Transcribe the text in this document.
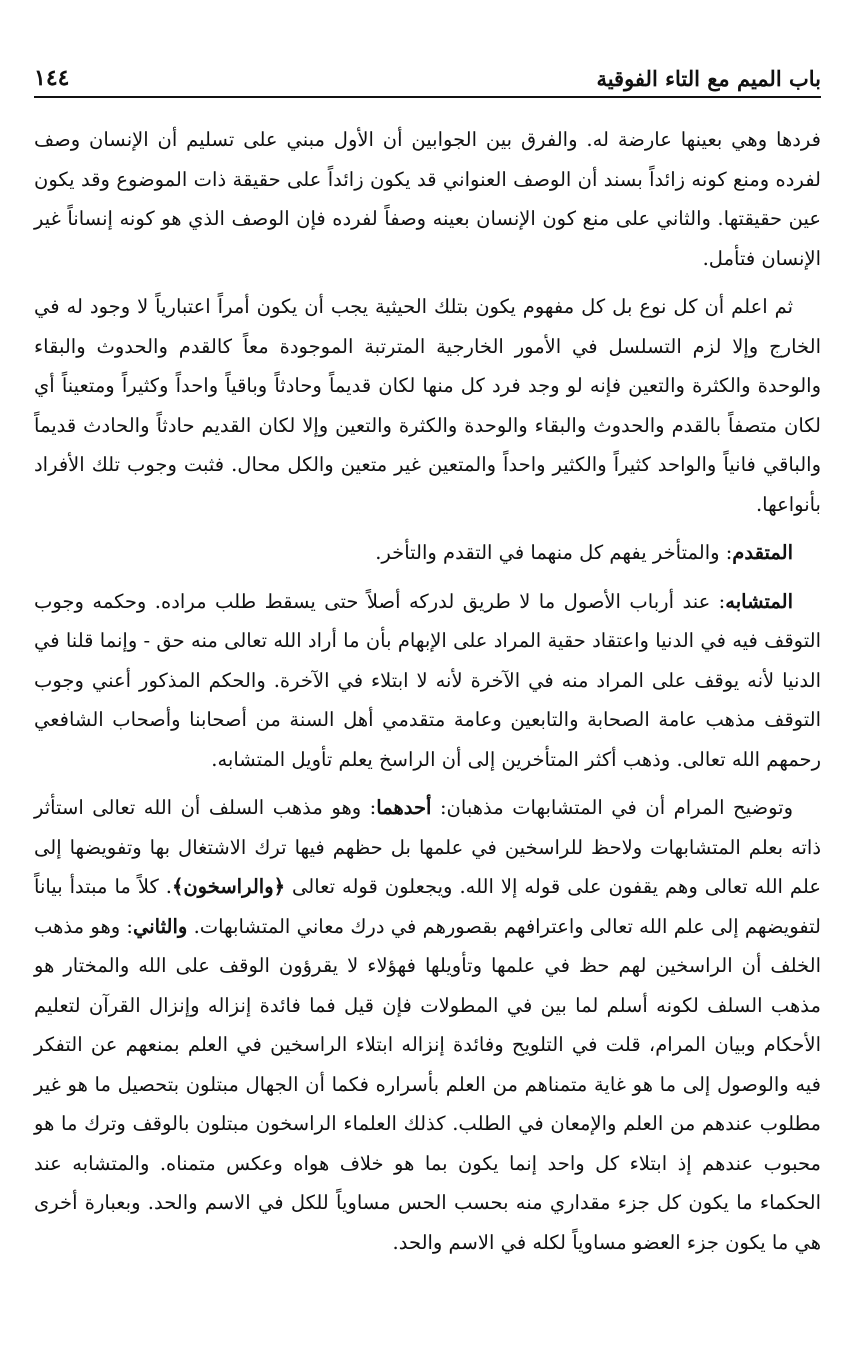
باب الميم مع التاء الفوقية
١٤٤

فردها وهي بعينها عارضة له. والفرق بين الجوابين أن الأول مبني على تسليم أن الإنسان وصف لفرده ومنع كونه زائداً بسند أن الوصف العنواني قد يكون زائداً على حقيقة ذات الموضوع وقد يكون عين حقيقتها. والثاني على منع كون الإنسان بعينه وصفاً لفرده فإن الوصف الذي هو كونه إنساناً غير الإنسان فتأمل.

ثم اعلم أن كل نوع بل كل مفهوم يكون بتلك الحيثية يجب أن يكون أمراً اعتبارياً لا وجود له في الخارج وإلا لزم التسلسل في الأمور الخارجية المترتبة الموجودة معاً كالقدم والحدوث والبقاء والوحدة والكثرة والتعين فإنه لو وجد فرد كل منها لكان قديماً وحادثاً وباقياً واحداً وكثيراً ومتعيناً أي لكان متصفاً بالقدم والحدوث والبقاء والوحدة والكثرة والتعين وإلا لكان القديم حادثاً والحادث قديماً والباقي فانياً والواحد كثيراً والكثير واحداً والمتعين غير متعين والكل محال. فثبت وجوب تلك الأفراد بأنواعها.

المتقدم: والمتأخر يفهم كل منهما في التقدم والتأخر.

المتشابه: عند أرباب الأصول ما لا طريق لدركه أصلاً حتى يسقط طلب مراده. وحكمه وجوب التوقف فيه في الدنيا واعتقاد حقية المراد على الإبهام بأن ما أراد الله تعالى منه حق - وإنما قلنا في الدنيا لأنه يوقف على المراد منه في الآخرة لأنه لا ابتلاء في الآخرة. والحكم المذكور أعني وجوب التوقف مذهب عامة الصحابة والتابعين وعامة متقدمي أهل السنة من أصحابنا وأصحاب الشافعي رحمهم الله تعالى. وذهب أكثر المتأخرين إلى أن الراسخ يعلم تأويل المتشابه.

وتوضيح المرام أن في المتشابهات مذهبان: أحدهما: وهو مذهب السلف أن الله تعالى استأثر ذاته بعلم المتشابهات ولاحظ للراسخين في علمها بل حظهم فيها ترك الاشتغال بها وتفويضها إلى علم الله تعالى وهم يقفون على قوله إلا الله. ويجعلون قوله تعالى ﴿والراسخون﴾. كلاً ما مبتدأ بياناً لتفويضهم إلى علم الله تعالى واعترافهم بقصورهم في درك معاني المتشابهات. والثاني: وهو مذهب الخلف أن الراسخين لهم حظ في علمها وتأويلها فهؤلاء لا يقرؤون الوقف على الله والمختار هو مذهب السلف لكونه أسلم لما بين في المطولات فإن قيل فما فائدة إنزاله وإنزال القرآن لتعليم الأحكام وبيان المرام، قلت في التلويح وفائدة إنزاله ابتلاء الراسخين في العلم بمنعهم عن التفكر فيه والوصول إلى ما هو غاية متمناهم من العلم بأسراره فكما أن الجهال مبتلون بتحصيل ما هو غير مطلوب عندهم من العلم والإمعان في الطلب. كذلك العلماء الراسخون مبتلون بالوقف وترك ما هو محبوب عندهم إذ ابتلاء كل واحد إنما يكون بما هو خلاف هواه وعكس متمناه. والمتشابه عند الحكماء ما يكون كل جزء مقداري منه بحسب الحس مساوياً للكل في الاسم والحد. وبعبارة أخرى هي ما يكون جزء العضو مساوياً لكله في الاسم والحد.
